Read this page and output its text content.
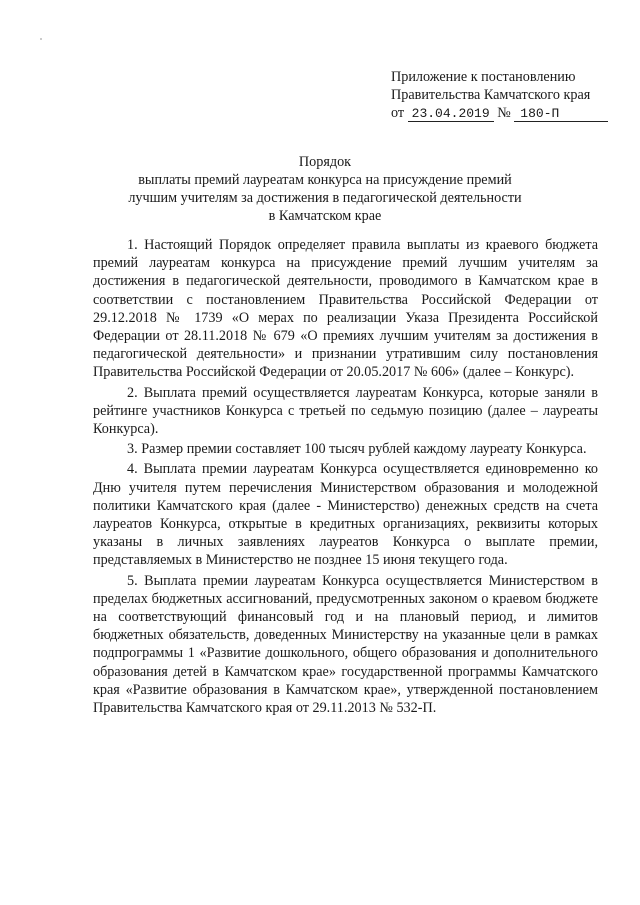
Приложение к постановлению
Правительства Камчатского края
от 23.04.2019 № 180-П
Порядок
выплаты премий лауреатам конкурса на присуждение премий
лучшим учителям за достижения в педагогической деятельности
в Камчатском крае

1. Настоящий Порядок определяет правила выплаты из краевого бюджета премий лауреатам конкурса на присуждение премий лучшим учителям за достижения в педагогической деятельности, проводимого в Камчатском крае в соответствии с постановлением Правительства Российской Федерации от 29.12.2018 № 1739 «О мерах по реализации Указа Президента Российской Федерации от 28.11.2018 № 679 «О премиях лучшим учителям за достижения в педагогической деятельности» и признании утратившим силу постановления Правительства Российской Федерации от 20.05.2017 № 606» (далее – Конкурс).

2. Выплата премий осуществляется лауреатам Конкурса, которые заняли в рейтинге участников Конкурса с третьей по седьмую позицию (далее – лауреаты Конкурса).

3. Размер премии составляет 100 тысяч рублей каждому лауреату Конкурса.

4. Выплата премии лауреатам Конкурса осуществляется единовременно ко Дню учителя путем перечисления Министерством образования и молодежной политики Камчатского края (далее - Министерство) денежных средств на счета лауреатов Конкурса, открытые в кредитных организациях, реквизиты которых указаны в личных заявлениях лауреатов Конкурса о выплате премии, представляемых в Министерство не позднее 15 июня текущего года.

5. Выплата премии лауреатам Конкурса осуществляется Министерством в пределах бюджетных ассигнований, предусмотренных законом о краевом бюджете на соответствующий финансовый год и на плановый период, и лимитов бюджетных обязательств, доведенных Министерству на указанные цели в рамках подпрограммы 1 «Развитие дошкольного, общего образования и дополнительного образования детей в Камчатском крае» государственной программы Камчатского края «Развитие образования в Камчатском крае», утвержденной постановлением Правительства Камчатского края от 29.11.2013 № 532-П.
